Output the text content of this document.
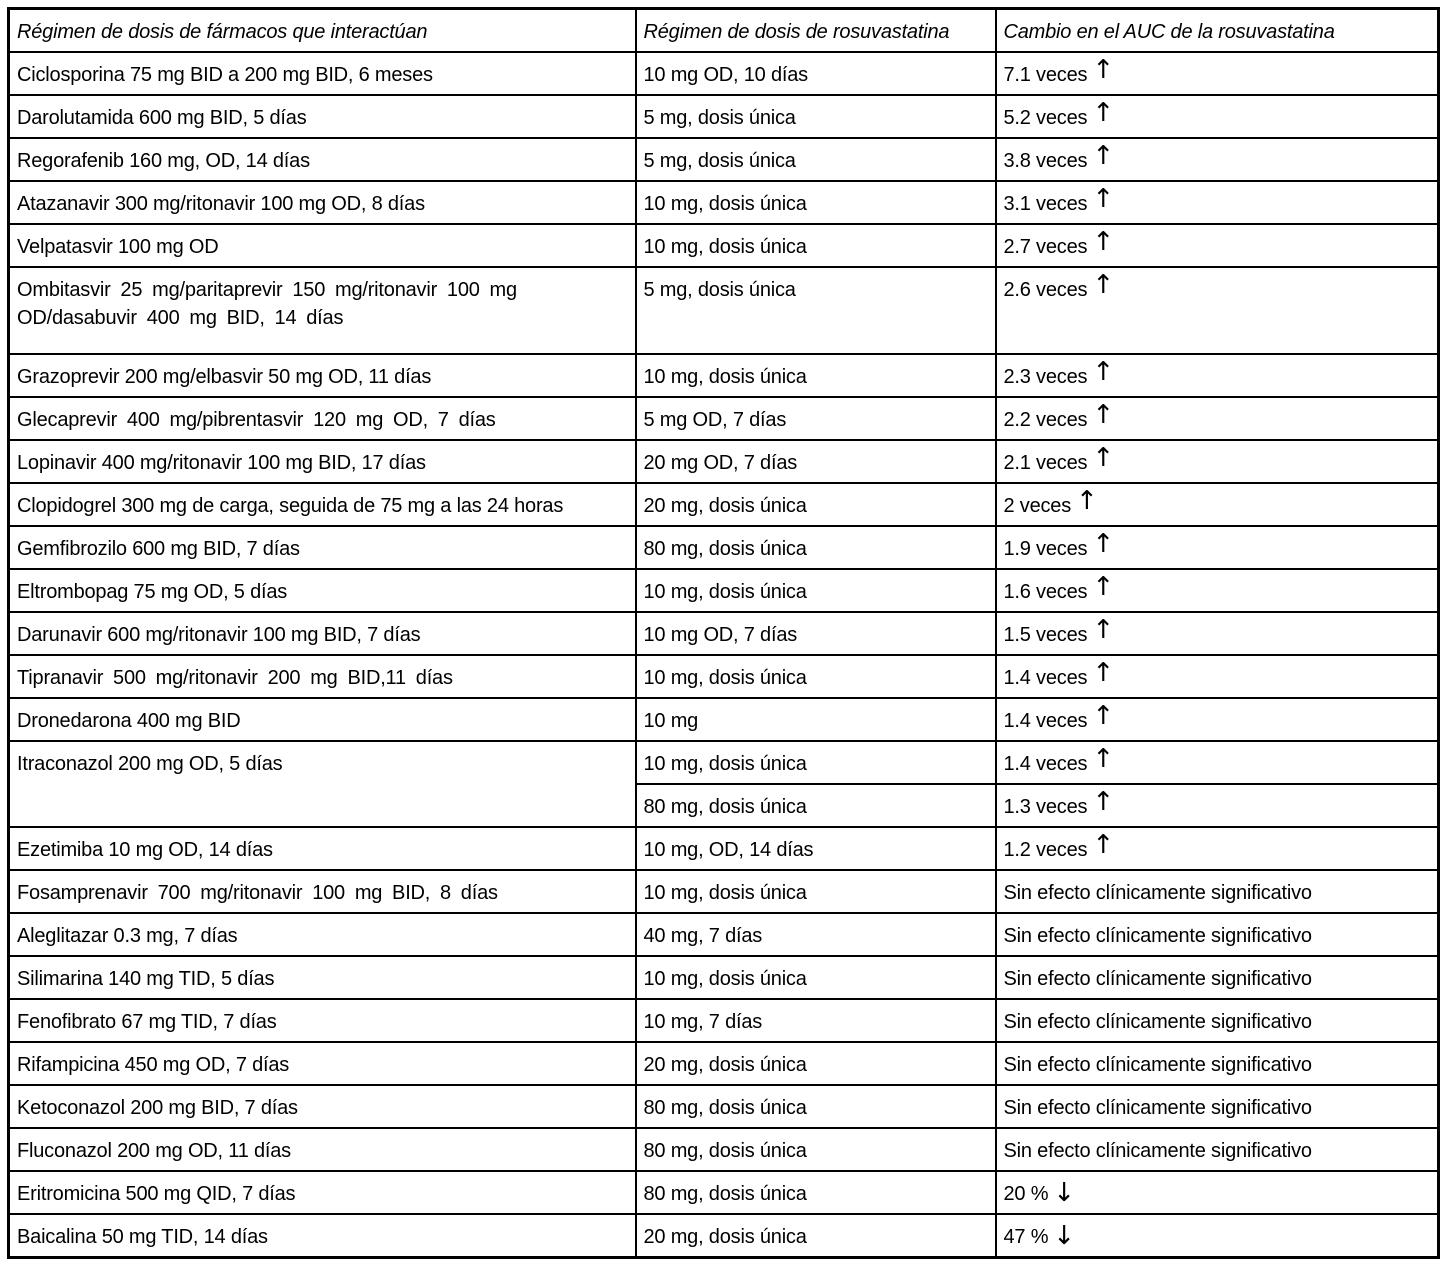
Régimen de dosis de fármacos que interactúan	Régimen de dosis de rosuvastatina	Cambio en el AUC de la rosuvastatina
Ciclosporina 75 mg BID a 200 mg BID, 6 meses	10 mg OD, 10 días	7.1 veces ↑
Darolutamida 600 mg BID, 5 días	5 mg, dosis única	5.2 veces ↑
Regorafenib 160 mg, OD, 14 días	5 mg, dosis única	3.8 veces ↑
Atazanavir 300 mg/ritonavir 100 mg OD, 8 días	10 mg, dosis única	3.1 veces ↑
Velpatasvir 100 mg OD	10 mg, dosis única	2.7 veces ↑
Ombitasvir 25 mg/paritaprevir 150 mg/ritonavir 100 mg OD/dasabuvir 400 mg BID, 14 días	5 mg, dosis única	2.6 veces ↑
Grazoprevir 200 mg/elbasvir 50 mg OD, 11 días	10 mg, dosis única	2.3 veces ↑
Glecaprevir 400 mg/pibrentasvir 120 mg OD, 7 días	5 mg OD, 7 días	2.2 veces ↑
Lopinavir 400 mg/ritonavir 100 mg BID, 17 días	20 mg OD, 7 días	2.1 veces ↑
Clopidogrel 300 mg de carga, seguida de 75 mg a las 24 horas	20 mg, dosis única	2 veces ↑
Gemfibrozilo 600 mg BID, 7 días	80 mg, dosis única	1.9 veces ↑
Eltrombopag 75 mg OD, 5 días	10 mg, dosis única	1.6 veces ↑
Darunavir 600 mg/ritonavir 100 mg BID, 7 días	10 mg OD, 7 días	1.5 veces ↑
Tipranavir 500 mg/ritonavir 200 mg BID,11 días	10 mg, dosis única	1.4 veces ↑
Dronedarona 400 mg BID	10 mg	1.4 veces ↑
Itraconazol 200 mg OD, 5 días	10 mg, dosis única	1.4 veces ↑
	80 mg, dosis única	1.3 veces ↑
Ezetimiba 10 mg OD, 14 días	10 mg, OD, 14 días	1.2 veces ↑
Fosamprenavir 700 mg/ritonavir 100 mg BID, 8 días	10 mg, dosis única	Sin efecto clínicamente significativo
Aleglitazar 0.3 mg, 7 días	40 mg, 7 días	Sin efecto clínicamente significativo
Silimarina 140 mg TID, 5 días	10 mg, dosis única	Sin efecto clínicamente significativo
Fenofibrato 67 mg TID, 7 días	10 mg, 7 días	Sin efecto clínicamente significativo
Rifampicina 450 mg OD, 7 días	20 mg, dosis única	Sin efecto clínicamente significativo
Ketoconazol 200 mg BID, 7 días	80 mg, dosis única	Sin efecto clínicamente significativo
Fluconazol 200 mg OD, 11 días	80 mg, dosis única	Sin efecto clínicamente significativo
Eritromicina 500 mg QID, 7 días	80 mg, dosis única	20 % ↓
Baicalina 50 mg TID, 14 días	20 mg, dosis única	47 % ↓
